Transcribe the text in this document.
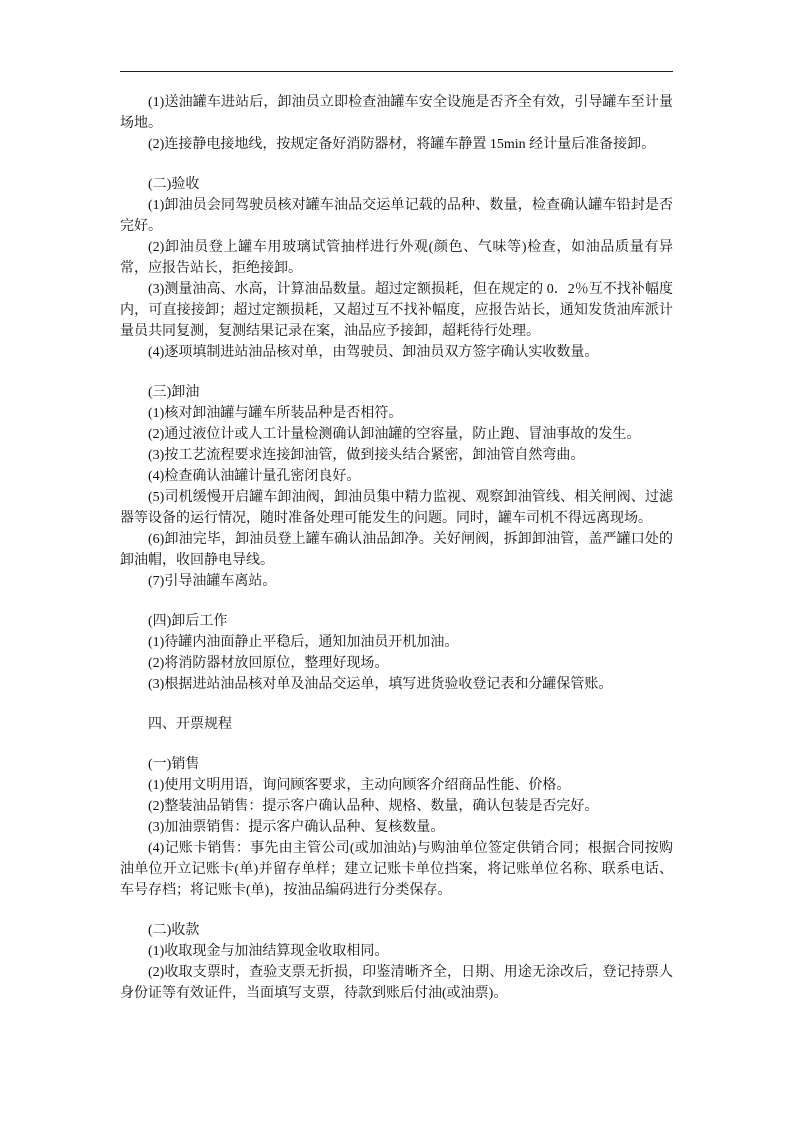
(1)送油罐车进站后，卸油员立即检查油罐车安全设施是否齐全有效，引导罐车至计量场地。

(2)连接静电接地线，按规定备好消防器材，将罐车静置 15min 经计量后准备接卸。

(二)验收

(1)卸油员会同驾驶员核对罐车油品交运单记载的品种、数量，检查确认罐车铅封是否完好。

(2)卸油员登上罐车用玻璃试管抽样进行外观(颜色、气味等)检查，如油品质量有异常，应报告站长，拒绝接卸。

(3)测量油高、水高，计算油品数量。超过定额损耗，但在规定的 0．2％互不找补幅度内，可直接接卸；超过定额损耗，又超过互不找补幅度，应报告站长，通知发货油库派计量员共同复测，复测结果记录在案，油品应予接卸，超耗待行处理。

(4)逐项填制进站油品核对单，由驾驶员、卸油员双方签字确认实收数量。

(三)卸油

(1)核对卸油罐与罐车所装品种是否相符。

(2)通过液位计或人工计量检测确认卸油罐的空容量，防止跑、冒油事故的发生。

(3)按工艺流程要求连接卸油管，做到接头结合紧密，卸油管自然弯曲。

(4)检查确认油罐计量孔密闭良好。

(5)司机缓慢开启罐车卸油阀，卸油员集中精力监视、观察卸油管线、相关闸阀、过滤器等设备的运行情况，随时准备处理可能发生的问题。同时，罐车司机不得远离现场。

(6)卸油完毕，卸油员登上罐车确认油品卸净。关好闸阀，拆卸卸油管，盖严罐口处的卸油帽，收回静电导线。

(7)引导油罐车离站。

(四)卸后工作

(1)待罐内油面静止平稳后，通知加油员开机加油。

(2)将消防器材放回原位，整理好现场。

(3)根据进站油品核对单及油品交运单，填写进货验收登记表和分罐保管账。

四、开票规程

(一)销售

(1)使用文明用语，询问顾客要求，主动向顾客介绍商品性能、价格。

(2)整装油品销售：提示客户确认品种、规格、数量，确认包装是否完好。

(3)加油票销售：提示客户确认品种、复核数量。

(4)记账卡销售：事先由主管公司(或加油站)与购油单位签定供销合同；根据合同按购油单位开立记账卡(单)并留存单样；建立记账卡单位挡案，将记账单位名称、联系电话、车号存档；将记账卡(单)，按油品编码进行分类保存。

(二)收款

(1)收取现金与加油结算现金收取相同。

(2)收取支票时，查验支票无折损，印鉴清晰齐全，日期、用途无涂改后，登记持票人身份证等有效证件，当面填写支票，待款到账后付油(或油票)。
